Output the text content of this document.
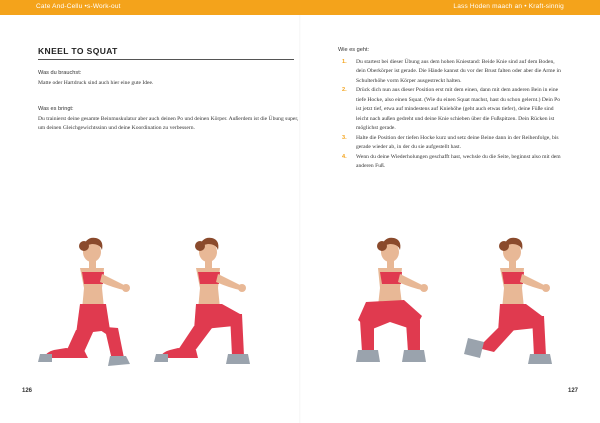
Cate And-Cellu •s-Work-out	Lass Hoden maach an • Kraft-sinnig
KNEEL TO SQUAT
Was du brauchst:

Matte oder Hartdruck sind auch hier eine gute Idee.

Was es bringt:

Du trainierst deine gesamte Beinmuskulatur aber auch deinen Po und deinen Körper. Außerdem ist die Übung super, um deinen Gleichgewichtssinn und deine Koordination zu verbessern.

Wie es geht:
1. Du startest bei dieser Übung aus dem hohen Kniestand: Beide Knie sind auf dem Boden, dein Oberkörper ist gerade. Die Hände kannst du vor der Brust falten oder aber die Arme in Schulterhöhe vorm Körper ausgestreckt halten.
2. Drück dich nun aus dieser Position erst mit dem einen, dann mit dem anderen Bein in eine tiefe Hocke, also einen Squat. (Wie du einen Squat machst, hast du schon gelernt.) Dein Po ist jetzt tief, etwa auf mindestens auf Kniehöhe (geht auch etwas tiefer), deine Füße sind leicht nach außen gedreht und deine Knie schieben über die Fußspitzen. Dein Rücken ist möglichst gerade.
3. Halte die Position der tiefen Hocke kurz und setz deine Beine dann in der Reihenfolge, bis gerade wieder ab, in der du sie aufgestellt hast.
4. Wenn du deine Wiederholungen geschafft hast, wechsle du die Seite, beginnst also mit dem anderen Fuß.
126	127
